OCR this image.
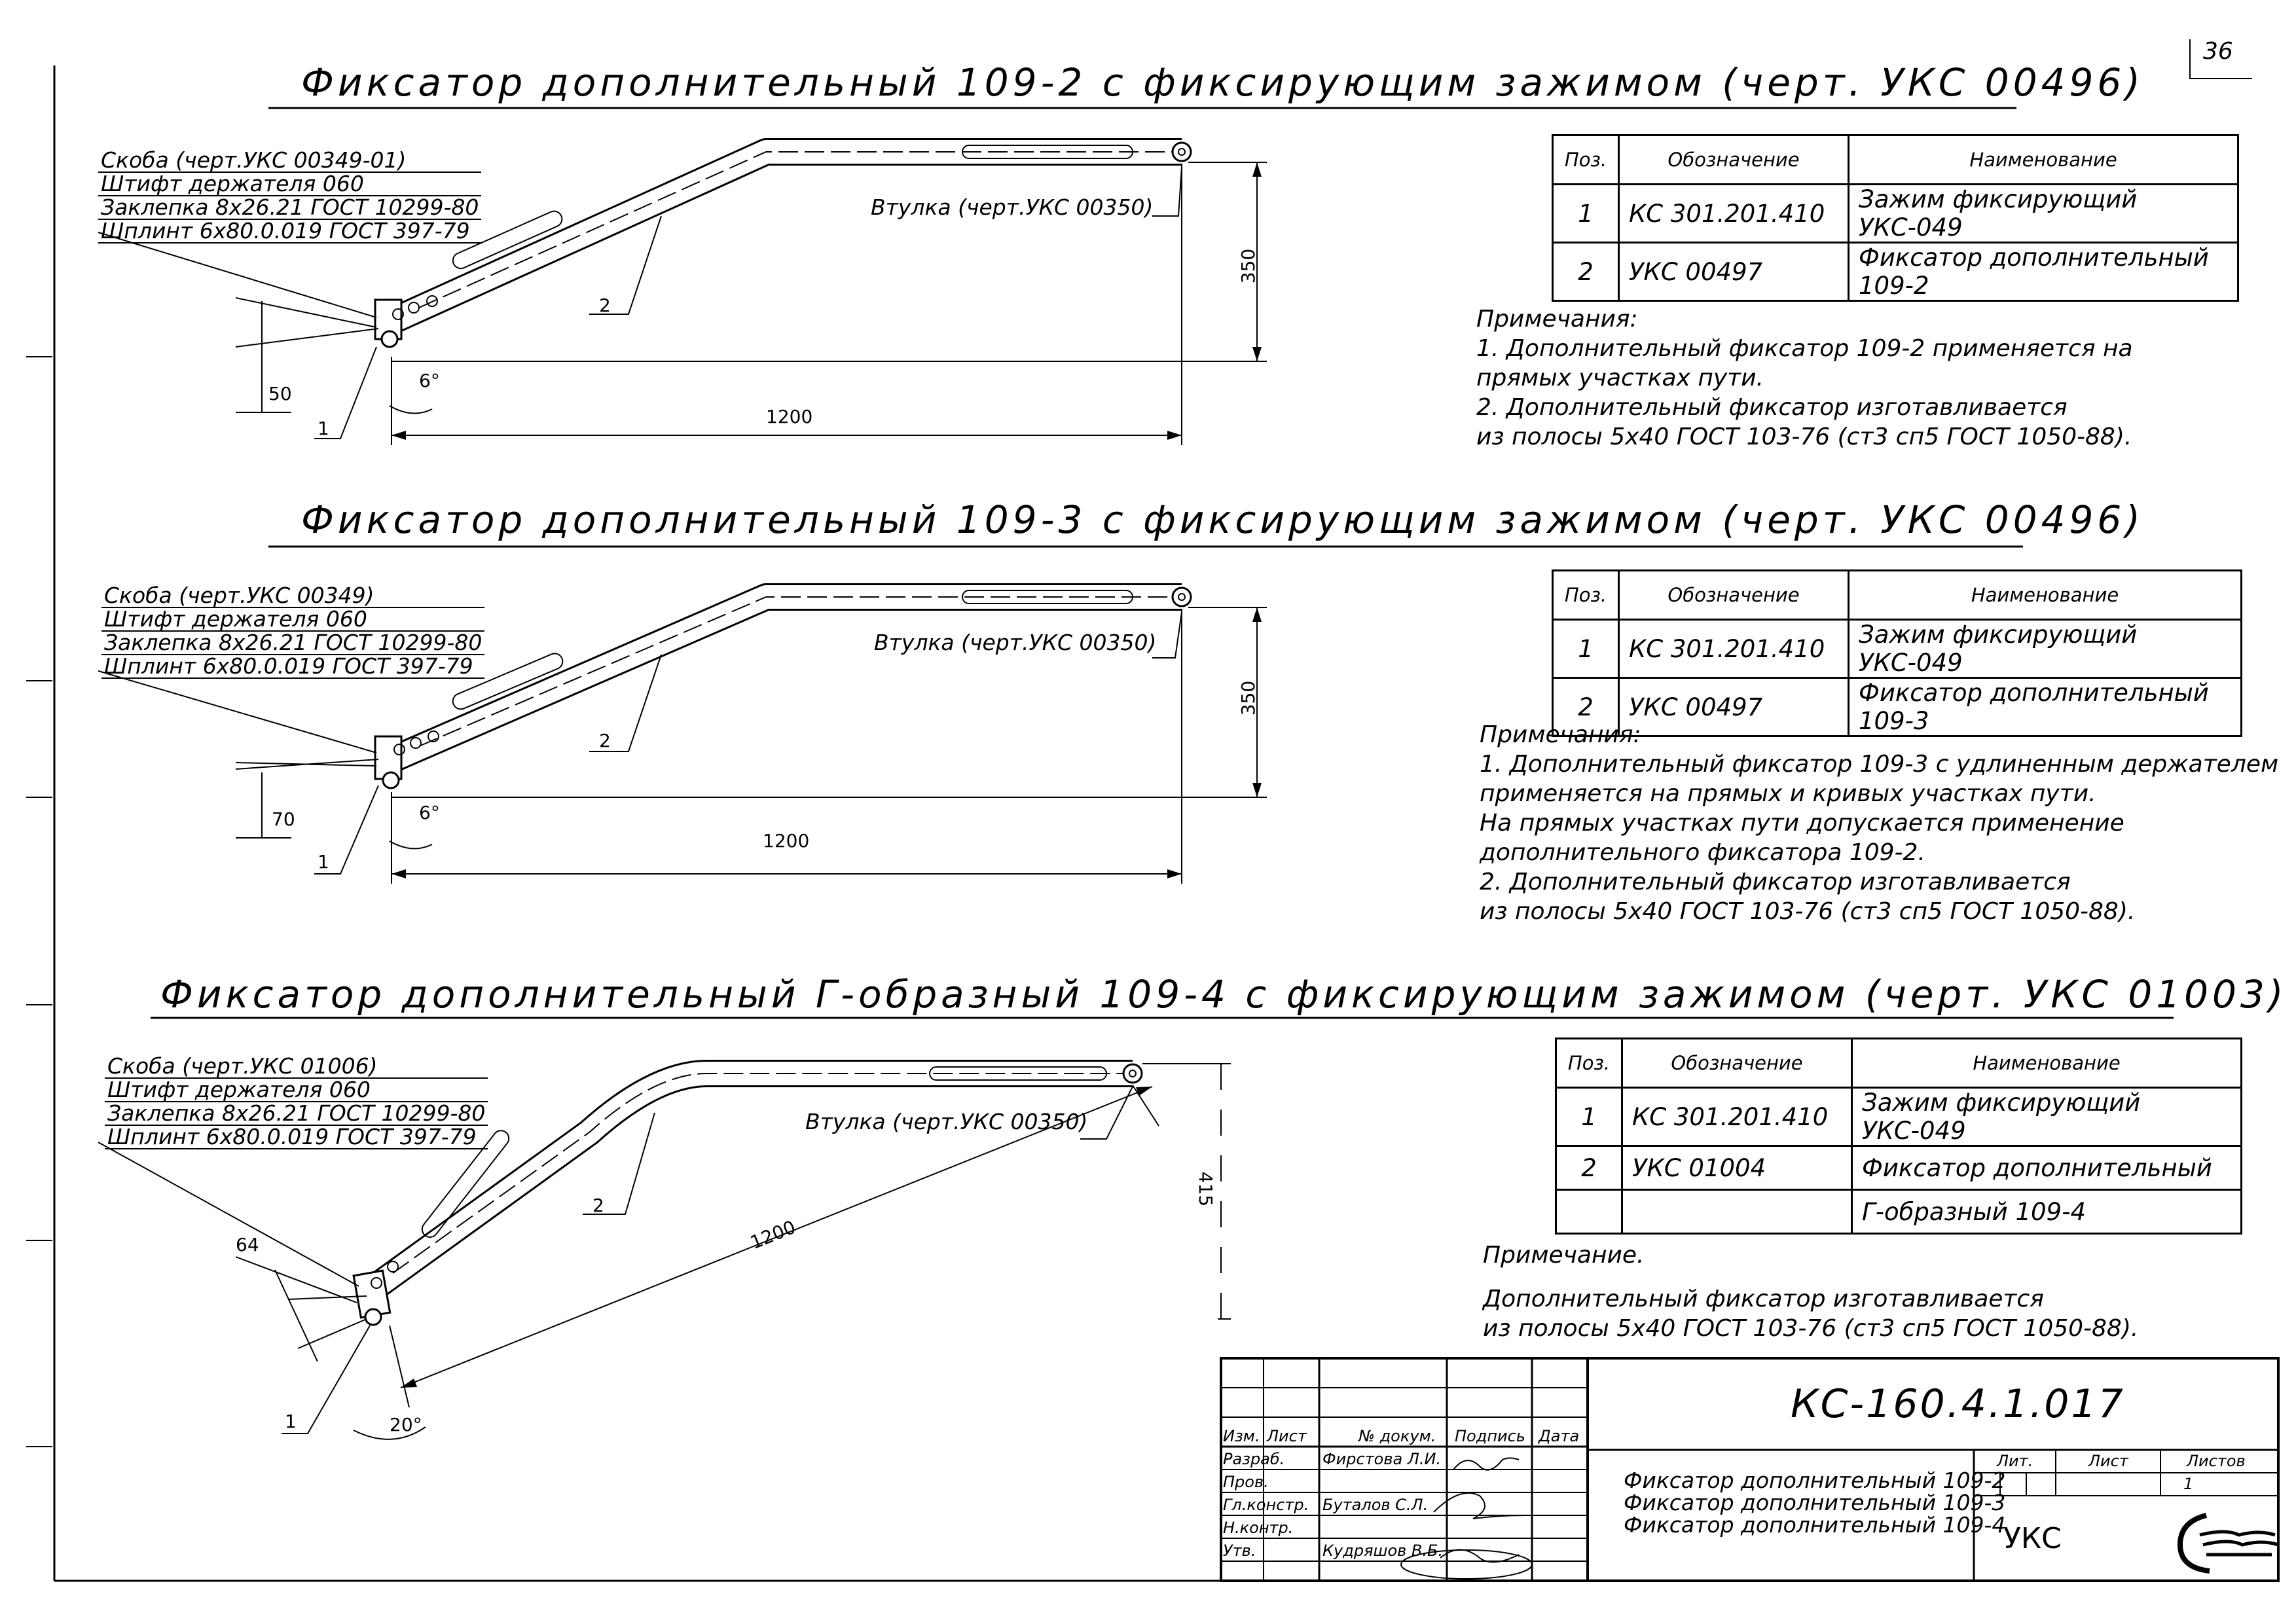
36
Фиксатор дополнительный 109-2 с фиксирующим зажимом (черт. УКС 00496)
Скоба (черт.УКС 00349-01)
Штифт держателя 060
Заклепка 8х26.21 ГОСТ 10299-80
Шплинт 6х80.0.019 ГОСТ 397-79
Втулка (черт.УКС 00350)
350
1200
50
6°
1
2
Поз.	Обозначение	Наименование
1	КС 301.201.410	Зажим фиксирующий УКС-049
2	УКС 00497	Фиксатор дополнительный 109-2
Примечания:
1. Дополнительный фиксатор 109-2 применяется на
прямых участках пути.
2. Дополнительный фиксатор изготавливается
из полосы 5х40 ГОСТ 103-76 (ст3 сп5 ГОСТ 1050-88).
Фиксатор дополнительный 109-3 с фиксирующим зажимом (черт. УКС 00496)
Скоба (черт.УКС 00349)
Штифт держателя 060
Заклепка 8х26.21 ГОСТ 10299-80
Шплинт 6х80.0.019 ГОСТ 397-79
Втулка (черт.УКС 00350)
350
1200
70	6°
1
2
Поз.	Обозначение	Наименование
1	КС 301.201.410	Зажим фиксирующий УКС-049
2	УКС 00497	Фиксатор дополнительный 109-3
Примечания:
1. Дополнительный фиксатор 109-3 с удлиненным держателем
применяется на прямых и кривых участках пути.
На прямых участках пути допускается применение
дополнительного фиксатора 109-2.
2. Дополнительный фиксатор изготавливается
из полосы 5х40 ГОСТ 103-76 (ст3 сп5 ГОСТ 1050-88).
Фиксатор дополнительный Г-образный 109-4 с фиксирующим зажимом (черт. УКС 01003)
Скоба (черт.УКС 01006)
Штифт держателя 060
Заклепка 8х26.21 ГОСТ 10299-80
Шплинт 6х80.0.019 ГОСТ 397-79
Втулка (черт.УКС 00350)
415
1200
64
20°
1
2
Поз.	Обозначение	Наименование
1	КС 301.201.410	Зажим фиксирующий УКС-049
2	УКС 01004	Фиксатор дополнительный
		Г-образный 109-4
Примечание.
Дополнительный фиксатор изготавливается
из полосы 5х40 ГОСТ 103-76 (ст3 сп5 ГОСТ 1050-88).
КС-160.4.1.017
Изм. Лист	№ докум. Подпись Дата
Разраб. Фирстова Л.И.
Пров.
Гл.констр. Буталов С.Л.
Н.контр.
Утв.	Кудряшов В.Б.
Фиксатор дополнительный 109-2
Фиксатор дополнительный 109-3
Фиксатор дополнительный 109-4
Лит.	Лист	Листов
1
УКС
